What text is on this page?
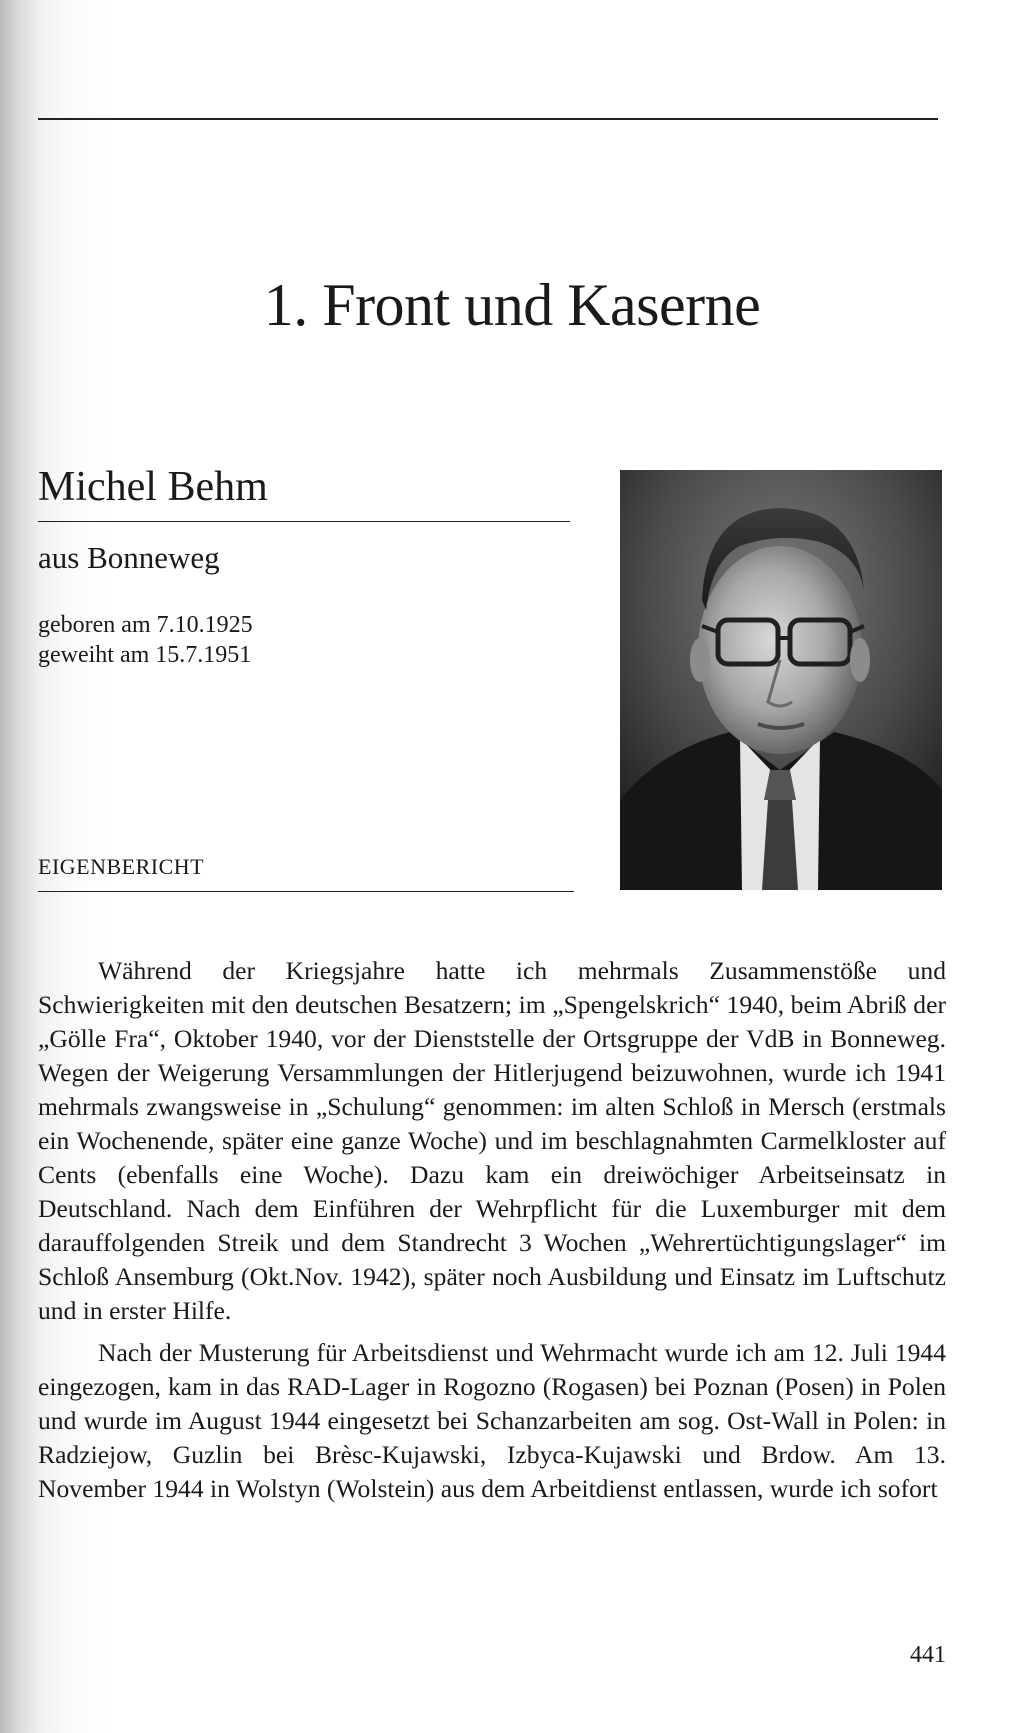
1. Front und Kaserne
Michel Behm
aus Bonneweg
geboren am 7.10.1925
geweiht am 15.7.1951
EIGENBERICHT

Während der Kriegsjahre hatte ich mehrmals Zusammenstöße und Schwierigkeiten mit den deutschen Besatzern; im „Spengelskrich“ 1940, beim Abriß der „Gölle Fra“, Oktober 1940, vor der Dienststelle der Ortsgruppe der VdB in Bonneweg. Wegen der Weigerung Versammlungen der Hitlerjugend beizuwohnen, wurde ich 1941 mehrmals zwangsweise in „Schulung“ genommen: im alten Schloß in Mersch (erstmals ein Wochenende, später eine ganze Woche) und im beschlagnahmten Carmelkloster auf Cents (ebenfalls eine Woche). Dazu kam ein dreiwöchiger Arbeitseinsatz in Deutschland. Nach dem Einführen der Wehrpflicht für die Luxemburger mit dem darauffolgenden Streik und dem Standrecht 3 Wochen „Wehrertüchtigungslager“ im Schloß Ansemburg (Okt.Nov. 1942), später noch Ausbildung und Einsatz im Luftschutz und in erster Hilfe.

Nach der Musterung für Arbeitsdienst und Wehrmacht wurde ich am 12. Juli 1944 eingezogen, kam in das RAD-Lager in Rogozno (Rogasen) bei Poznan (Posen) in Polen und wurde im August 1944 eingesetzt bei Schanzarbeiten am sog. Ost-Wall in Polen: in Radziejow, Guzlin bei Brèsc-Kujawski, Izbyca-Kujawski und Brdow. Am 13. November 1944 in Wolstyn (Wolstein) aus dem Arbeitdienst entlassen, wurde ich sofort

441
